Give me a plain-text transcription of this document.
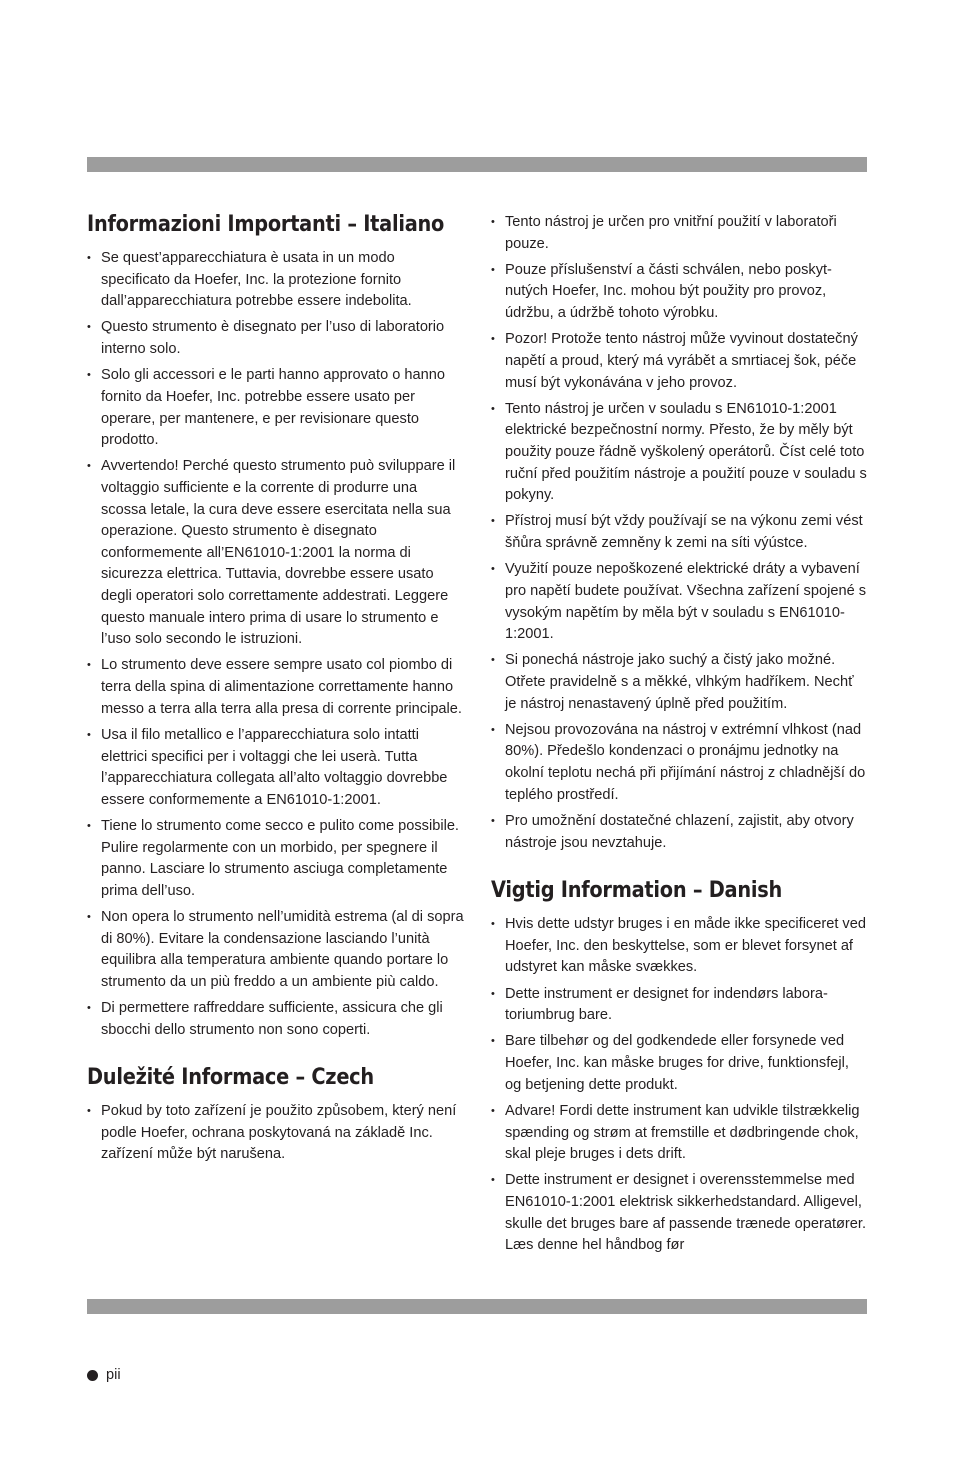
Informazioni Importanti – Italiano
• Se quest’apparecchiatura è usata in un modo specificato da Hoefer, Inc. la protezione fornito dall’apparecchiatura potrebbe essere indebolita.
• Questo strumento è disegnato per l’uso di laboratorio interno solo.
• Solo gli accessori e le parti hanno approvato o hanno fornito da Hoefer, Inc. potrebbe essere usato per operare, per mantenere, e per revisionare questo prodotto.
• Avvertendo! Perché questo strumento può sviluppare il voltaggio sufficiente e la corrente di produrre una scossa letale, la cura deve essere esercitata nella sua operazione. Questo strumento è disegnato conformemente all’EN61010-1:2001 la norma di sicurezza elettrica. Tuttavia, dovrebbe essere usato degli operatori solo correttamente addestrati. Leggere questo manuale intero prima di usare lo strumento e l’uso solo secondo le istruzioni.
• Lo strumento deve essere sempre usato col piombo di terra della spina di alimentazione correttamente hanno messo a terra alla terra alla presa di corrente principale.
• Usa il filo metallico e l’apparecchiatura solo intatti elettrici specifici per i voltaggi che lei userà. Tutta l’apparecchiatura collegata all’alto voltaggio dovrebbe essere conformemente a EN61010-1:2001.
• Tiene lo strumento come secco e pulito come possibile. Pulire regolarmente con un morbido, per spegnere il panno. Lasciare lo strumento asciuga completamente prima dell’uso.
• Non opera lo strumento nell’umidità estrema (al di sopra di 80%). Evitare la condensazione lasciando l’unità equilibra alla temperatura ambiente quando portare lo strumento da un più freddo a un ambiente più caldo.
• Di permettere raffreddare sufficiente, assicura che gli sbocchi dello strumento non sono coperti.
Duležité Informace – Czech
• Pokud by toto zařízení je použito způsobem, který není podle Hoefer, ochrana poskytovaná na základě Inc. zařízení může být narušena.
• Tento nástroj je určen pro vnitřní použití v laboratoři pouze.
• Pouze příslušenství a části schválen, nebo poskytnutých Hoefer, Inc. mohou být použity pro provoz, údržbu, a údržbě tohoto výrobku.
• Pozor! Protože tento nástroj může vyvinout dostatečný napětí a proud, který má vyrábět a smrtiacej šok, péče musí být vykonávána v jeho provoz.
• Tento nástroj je určen v souladu s EN61010-1:2001 elektrické bezpečnostní normy. Přesto, že by měly být použity pouze řádně vyškolený operátorů. Číst celé toto ruční před použitím nástroje a použití pouze v souladu s pokyny.
• Přístroj musí být vždy používají se na výkonu zemi vést šňůra správně zemněny k zemi na síti výústce.
• Využití pouze nepoškozené elektrické dráty a vybavení pro napětí budete používat. Všechna zařízení spojené s vysokým napětím by měla být v souladu s EN61010-1:2001.
• Si ponechá nástroje jako suchý a čistý jako možné. Otřete pravidelně s a měkké, vlhkým hadříkem. Nechť je nástroj nenastavený úplně před použitím.
• Nejsou provozována na nástroj v extrémní vlhkost (nad 80%). Předešlo kondenzaci o pronájmu jednotky na okolní teplotu nechá při přijímání nástroj z chladnější do teplého prostředí.
• Pro umožnění dostatečné chlazení, zajistit, aby otvory nástroje jsou nevztahuje.
Vigtig Information – Danish
• Hvis dette udstyr bruges i en måde ikke specificeret ved Hoefer, Inc. den beskyttelse, som er blevet forsynet af udstyret kan måske svækkes.
• Dette instrument er designet for indendørs laboratoriumbrug bare.
• Bare tilbehør og del godkendede eller forsynede ved Hoefer, Inc. kan måske bruges for drive, funktionsfejl, og betjening dette produkt.
• Advare! Fordi dette instrument kan udvikle tilstrækkelig spænding og strøm at fremstille et dødbringende chok, skal pleje bruges i dets drift.
• Dette instrument er designet i overensstemmelse med EN61010-1:2001 elektrisk sikkerhedstandard. Alligevel, skulle det bruges bare af passende trænede operatører. Læs denne hel håndbog før
pii
